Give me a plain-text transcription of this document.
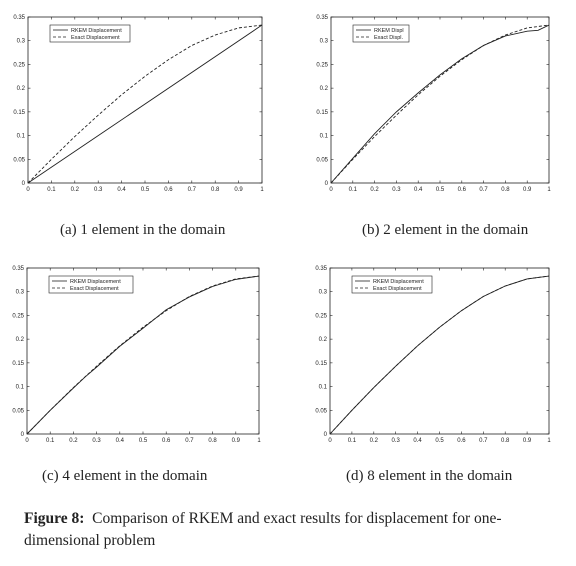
0	0.1	0.2	0.3	0.4	0.5	0.6	0.7	0.8	0.9	1
0
0.05
0.1
0.15
0.2
0.25
0.3
0.35
RKEM Displacement
Exact Displacement
(a) 1 element in the domain
0	0.1 0.2 0.3 0.4 0.5 0.6 0.7 0.8 0.9	1
0
0.05
0.1
0.15
0.2
0.25
0.3
0.35
RKEM Displ
Exact Displ.
(b) 2 element in the domain
0	0.1 0.2 0.3 0.4 0.5 0.6 0.7 0.8 0.9	1
0
0.05
0.1
0.15
0.2
0.25
0.3
0.35
RKEM Displacement
Exact Displacement
(c) 4 element in the domain
0	0.1 0.2 0.3 0.4 0.5 0.6 0.7 0.8 0.9	1
0
0.05
0.1
0.15
0.2
0.25
0.3
0.35
RKEM Displacement
Exact Displacement
(d) 8 element in the domain
Figure 8: Comparison of RKEM and exact results for displacement for one- dimensional problem
